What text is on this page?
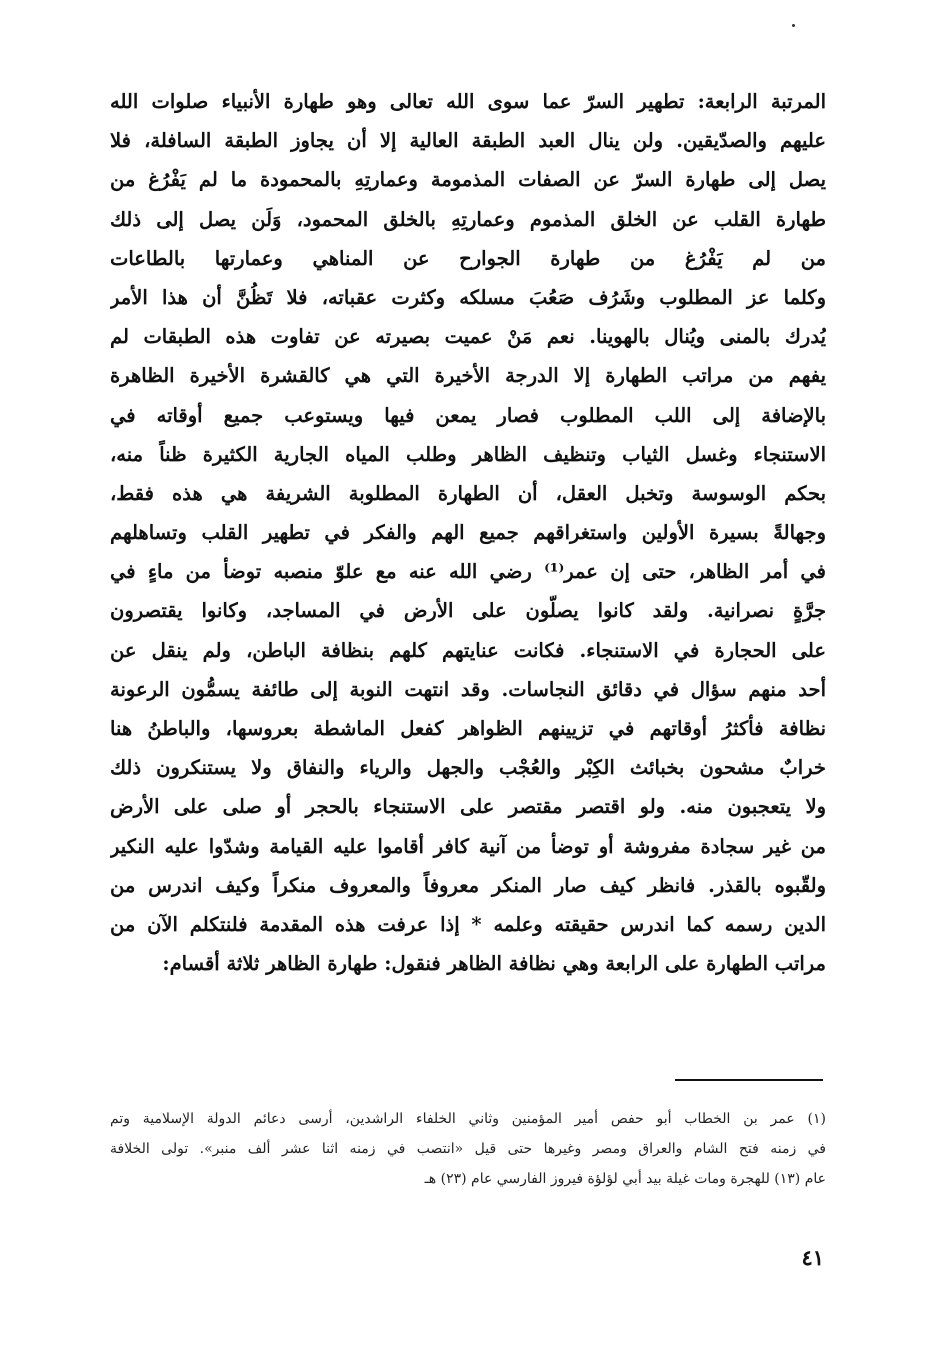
المرتبة الرابعة: تطهير السرّ عما سوى الله تعالى وهو طهارة الأنبياء صلوات الله
عليهم والصدّيقين. ولن ينال العبد الطبقة العالية إلا أن يجاوز الطبقة السافلة، فلا
يصل إلى طهارة السرّ عن الصفات المذمومة وعمارتِهِ بالمحمودة ما لم يَفْرُغ من
طهارة القلب عن الخلق المذموم وعمارتِهِ بالخلق المحمود، وَلَن يصل إلى ذلك
من لم يَفْرُغ من طهارة الجوارح عن المناهي وعمارتها بالطاعات
وكلما عز المطلوب وشَرُف صَعُبَ مسلكه وكثرت عقباته، فلا تَظُنَّ أن هذا الأمر
يُدرك بالمنى ويُنال بالهوينا. نعم مَنْ عميت بصيرته عن تفاوت هذه الطبقات لم
يفهم من مراتب الطهارة إلا الدرجة الأخيرة التي هي كالقشرة الأخيرة الظاهرة
بالإضافة إلى اللب المطلوب فصار يمعن فيها ويستوعب جميع أوقاته في
الاستنجاء وغسل الثياب وتنظيف الظاهر وطلب المياه الجارية الكثيرة ظناً منه،
بحكم الوسوسة وتخبل العقل، أن الطهارة المطلوبة الشريفة هي هذه فقط،
وجهالةً بسيرة الأولين واستغراقهم جميع الهم والفكر في تطهير القلب وتساهلهم
في أمر الظاهر، حتى إن عمر⁽¹⁾ رضي الله عنه مع علوّ منصبه توضأ من ماءٍ في
جرَّةٍ نصرانية. ولقد كانوا يصلّون على الأرض في المساجد، وكانوا يقتصرون
على الحجارة في الاستنجاء. فكانت عنايتهم كلهم بنظافة الباطن، ولم ينقل عن
أحد منهم سؤال في دقائق النجاسات. وقد انتهت النوبة إلى طائفة يسمُّون الرعونة
نظافة فأكثرُ أوقاتهم في تزيينهم الظواهر كفعل الماشطة بعروسها، والباطنُ هنا
خرابٌ مشحون بخبائث الكِبْر والعُجْب والجهل والرياء والنفاق ولا يستنكرون ذلك
ولا يتعجبون منه. ولو اقتصر مقتصر على الاستنجاء بالحجر أو صلى على الأرض
من غير سجادة مفروشة أو توضأ من آنية كافر أقاموا عليه القيامة وشدّوا عليه النكير
ولقّبوه بالقذر. فانظر كيف صار المنكر معروفاً والمعروف منكراً وكيف اندرس من
الدين رسمه كما اندرس حقيقته وعلمه * إذا عرفت هذه المقدمة فلنتكلم الآن من
مراتب الطهارة على الرابعة وهي نظافة الظاهر فنقول: طهارة الظاهر ثلاثة أقسام:
(١) عمر بن الخطاب أبو حفص أمير المؤمنين وثاني الخلفاء الراشدين، أرسى دعائم الدولة الإسلامية وتم
في زمنه فتح الشام والعراق ومصر وغيرها حتى قيل «انتصب في زمنه اثنا عشر ألف منبر». تولى الخلافة
عام (١٣) للهجرة ومات غيلة بيد أبي لؤلؤة فيروز الفارسي عام (٢٣) هـ
٤١
